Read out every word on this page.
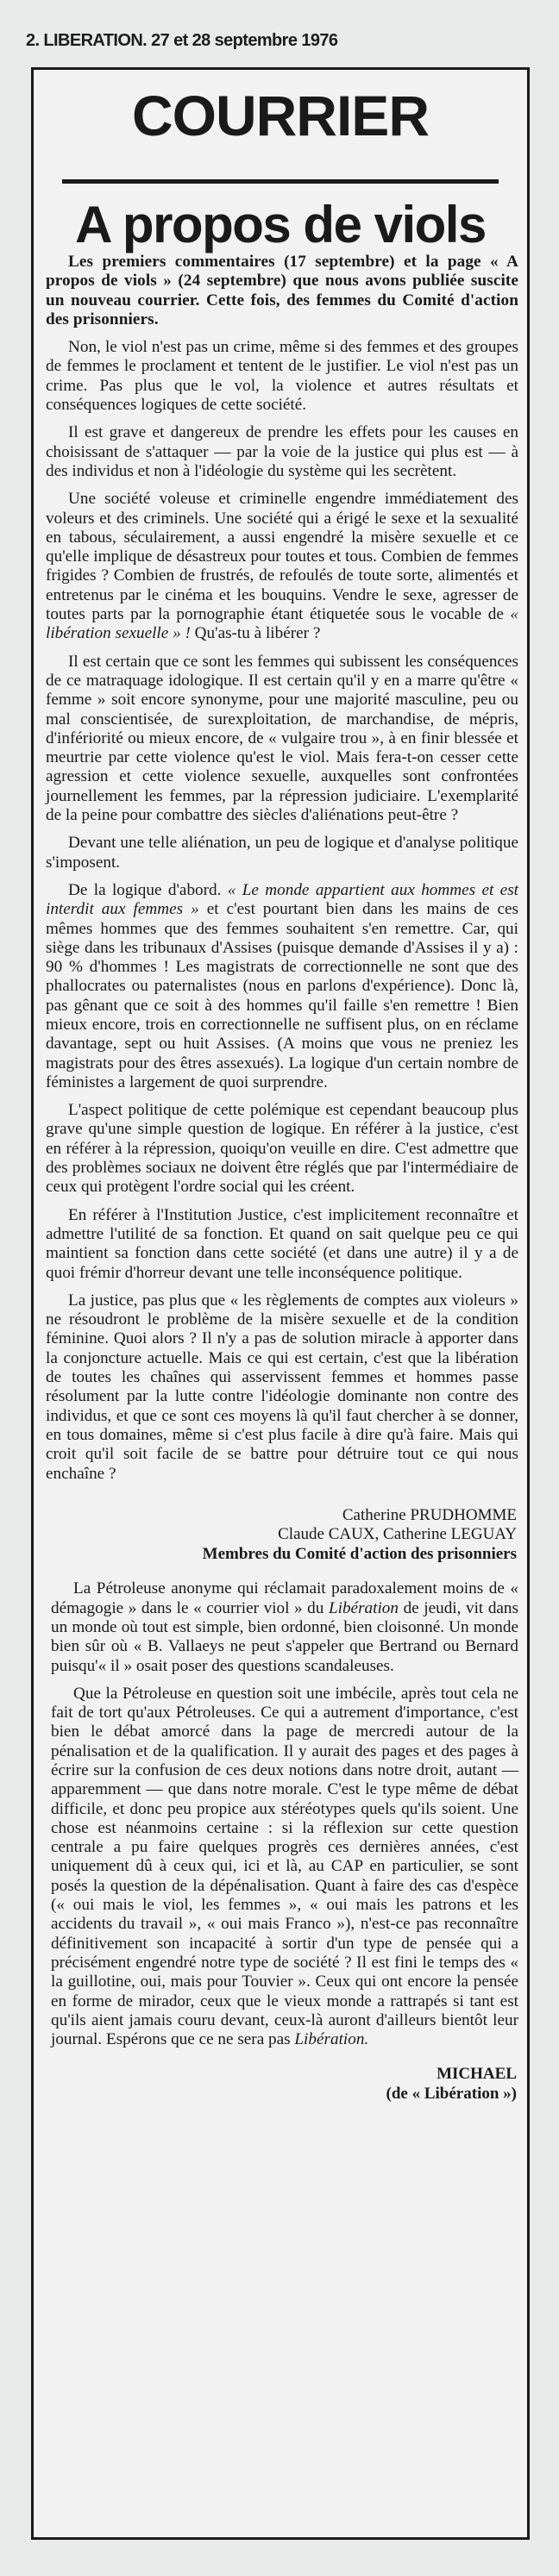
2. LIBERATION. 27 et 28 septembre 1976
COURRIER
A propos de viols

Les premiers commentaires (17 septembre) et la page « A propos de viols » (24 septembre) que nous avons publiée suscite un nouveau courrier. Cette fois, des femmes du Comité d'action des prisonniers.

Non, le viol n'est pas un crime, même si des femmes et des groupes de femmes le proclament et tentent de le justifier. Le viol n'est pas un crime. Pas plus que le vol, la violence et autres résultats et conséquences logiques de cette société.

Il est grave et dangereux de prendre les effets pour les causes en choisissant de s'attaquer — par la voie de la justice qui plus est — à des individus et non à l'idéologie du système qui les secrètent.

Une société voleuse et criminelle engendre immédiatement des voleurs et des criminels. Une société qui a érigé le sexe et la sexualité en tabous, séculairement, a aussi engendré la misère sexuelle et ce qu'elle implique de désastreux pour toutes et tous. Combien de femmes frigides ? Combien de frustrés, de refoulés de toute sorte, alimentés et entretenus par le cinéma et les bouquins. Vendre le sexe, agresser de toutes parts par la pornographie étant étiquetée sous le vocable de « libération sexuelle » ! Qu'as-tu à libérer ?

Il est certain que ce sont les femmes qui subissent les conséquences de ce matraquage idologique. Il est certain qu'il y en a marre qu'être « femme » soit encore synonyme, pour une majorité masculine, peu ou mal conscientisée, de surexploitation, de marchandise, de mépris, d'infériorité ou mieux encore, de « vulgaire trou », à en finir blessée et meurtrie par cette violence qu'est le viol. Mais fera-t-on cesser cette agression et cette violence sexuelle, auxquelles sont confrontées journellement les femmes, par la répression judiciaire. L'exemplarité de la peine pour combattre des siècles d'aliénations peut-être ?

Devant une telle aliénation, un peu de logique et d'analyse politique s'imposent.

De la logique d'abord. « Le monde appartient aux hommes et est interdit aux femmes » et c'est pourtant bien dans les mains de ces mêmes hommes que des femmes souhaitent s'en remettre. Car, qui siège dans les tribunaux d'Assises (puisque demande d'Assises il y a) : 90 % d'hommes ! Les magistrats de correctionnelle ne sont que des phallocrates ou paternalistes (nous en parlons d'expérience). Donc là, pas gênant que ce soit à des hommes qu'il faille s'en remettre ! Bien mieux encore, trois en correctionnelle ne suffisent plus, on en réclame davantage, sept ou huit Assises. (A moins que vous ne preniez les magistrats pour des êtres assexués). La logique d'un certain nombre de féministes a largement de quoi surprendre.

L'aspect politique de cette polémique est cependant beaucoup plus grave qu'une simple question de logique. En référer à la justice, c'est en référer à la répression, quoiqu'on veuille en dire. C'est admettre que des problèmes sociaux ne doivent être réglés que par l'intermédiaire de ceux qui protègent l'ordre social qui les créent.

En référer à l'Institution Justice, c'est implicitement reconnaître et admettre l'utilité de sa fonction. Et quand on sait quelque peu ce qui maintient sa fonction dans cette société (et dans une autre) il y a de quoi frémir d'horreur devant une telle inconséquence politique.

La justice, pas plus que « les règlements de comptes aux violeurs » ne résoudront le problème de la misère sexuelle et de la condition féminine. Quoi alors ? Il n'y a pas de solution miracle à apporter dans la conjoncture actuelle. Mais ce qui est certain, c'est que la libération de toutes les chaînes qui asservissent femmes et hommes passe résolument par la lutte contre l'idéologie dominante non contre des individus, et que ce sont ces moyens là qu'il faut chercher à se donner, en tous domaines, même si c'est plus facile à dire qu'à faire. Mais qui croit qu'il soit facile de se battre pour détruire tout ce qui nous enchaîne ?

Catherine PRUDHOMME
Claude CAUX, Catherine LEGUAY
Membres du Comité d'action des prisonniers

La Pétroleuse anonyme qui réclamait paradoxalement moins de « démagogie » dans le « courrier viol » du Libération de jeudi, vit dans un monde où tout est simple, bien ordonné, bien cloisonné. Un monde bien sûr où « B. Vallaeys ne peut s'appeler que Bertrand ou Bernard puisqu'« il » osait poser des questions scandaleuses.

Que la Pétroleuse en question soit une imbécile, après tout cela ne fait de tort qu'aux Pétroleuses. Ce qui a autrement d'importance, c'est bien le débat amorcé dans la page de mercredi autour de la pénalisation et de la qualification. Il y aurait des pages et des pages à écrire sur la confusion de ces deux notions dans notre droit, autant — apparemment — que dans notre morale. C'est le type même de débat difficile, et donc peu propice aux stéréotypes quels qu'ils soient. Une chose est néanmoins certaine : si la réflexion sur cette question centrale a pu faire quelques progrès ces dernières années, c'est uniquement dû à ceux qui, ici et là, au CAP en particulier, se sont posés la question de la dépénalisation. Quant à faire des cas d'espèce (« oui mais le viol, les femmes », « oui mais les patrons et les accidents du travail », « oui mais Franco »), n'est-ce pas reconnaître définitivement son incapacité à sortir d'un type de pensée qui a précisément engendré notre type de société ? Il est fini le temps des « la guillotine, oui, mais pour Touvier ». Ceux qui ont encore la pensée en forme de mirador, ceux que le vieux monde a rattrapés si tant est qu'ils aient jamais couru devant, ceux-là auront d'ailleurs bientôt leur journal. Espérons que ce ne sera pas Libération.

MICHAEL
(de « Libération »)
